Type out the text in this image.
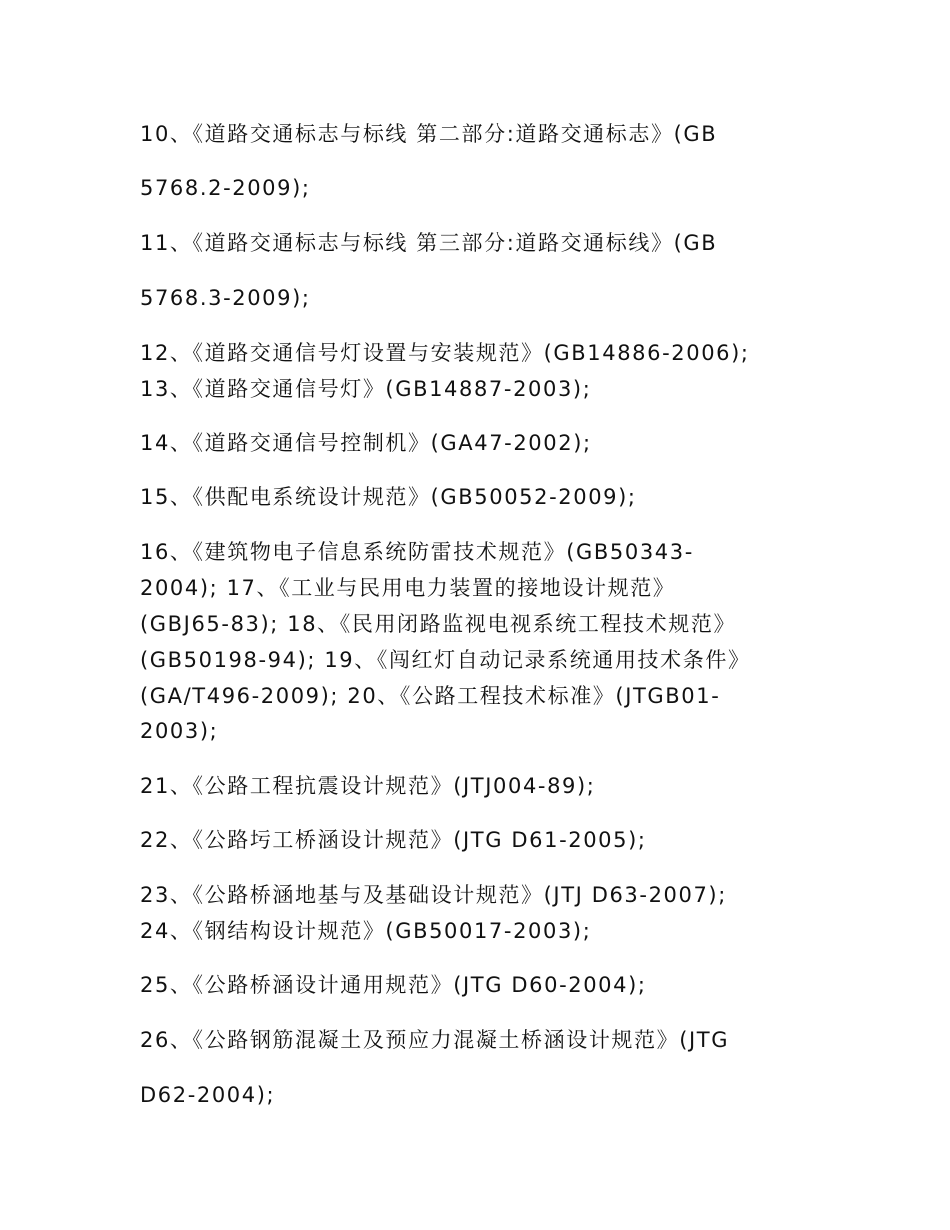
10、《道路交通标志与标线 第二部分:道路交通标志》(GB
5768.2-2009);
11、《道路交通标志与标线 第三部分:道路交通标线》(GB
5768.3-2009);
12、《道路交通信号灯设置与安装规范》(GB14886-2006);
13、《道路交通信号灯》(GB14887-2003);
14、《道路交通信号控制机》(GA47-2002);
15、《供配电系统设计规范》(GB50052-2009);
16、《建筑物电子信息系统防雷技术规范》(GB50343-
2004); 17、《工业与民用电力装置的接地设计规范》
(GBJ65-83); 18、《民用闭路监视电视系统工程技术规范》
(GB50198-94); 19、《闯红灯自动记录系统通用技术条件》
(GA/T496-2009); 20、《公路工程技术标准》(JTGB01-
2003);
21、《公路工程抗震设计规范》(JTJ004-89);
22、《公路圬工桥涵设计规范》(JTG D61-2005);
23、《公路桥涵地基与及基础设计规范》(JTJ D63-2007);
24、《钢结构设计规范》(GB50017-2003);
25、《公路桥涵设计通用规范》(JTG D60-2004);
26、《公路钢筋混凝土及预应力混凝土桥涵设计规范》(JTG
D62-2004);
